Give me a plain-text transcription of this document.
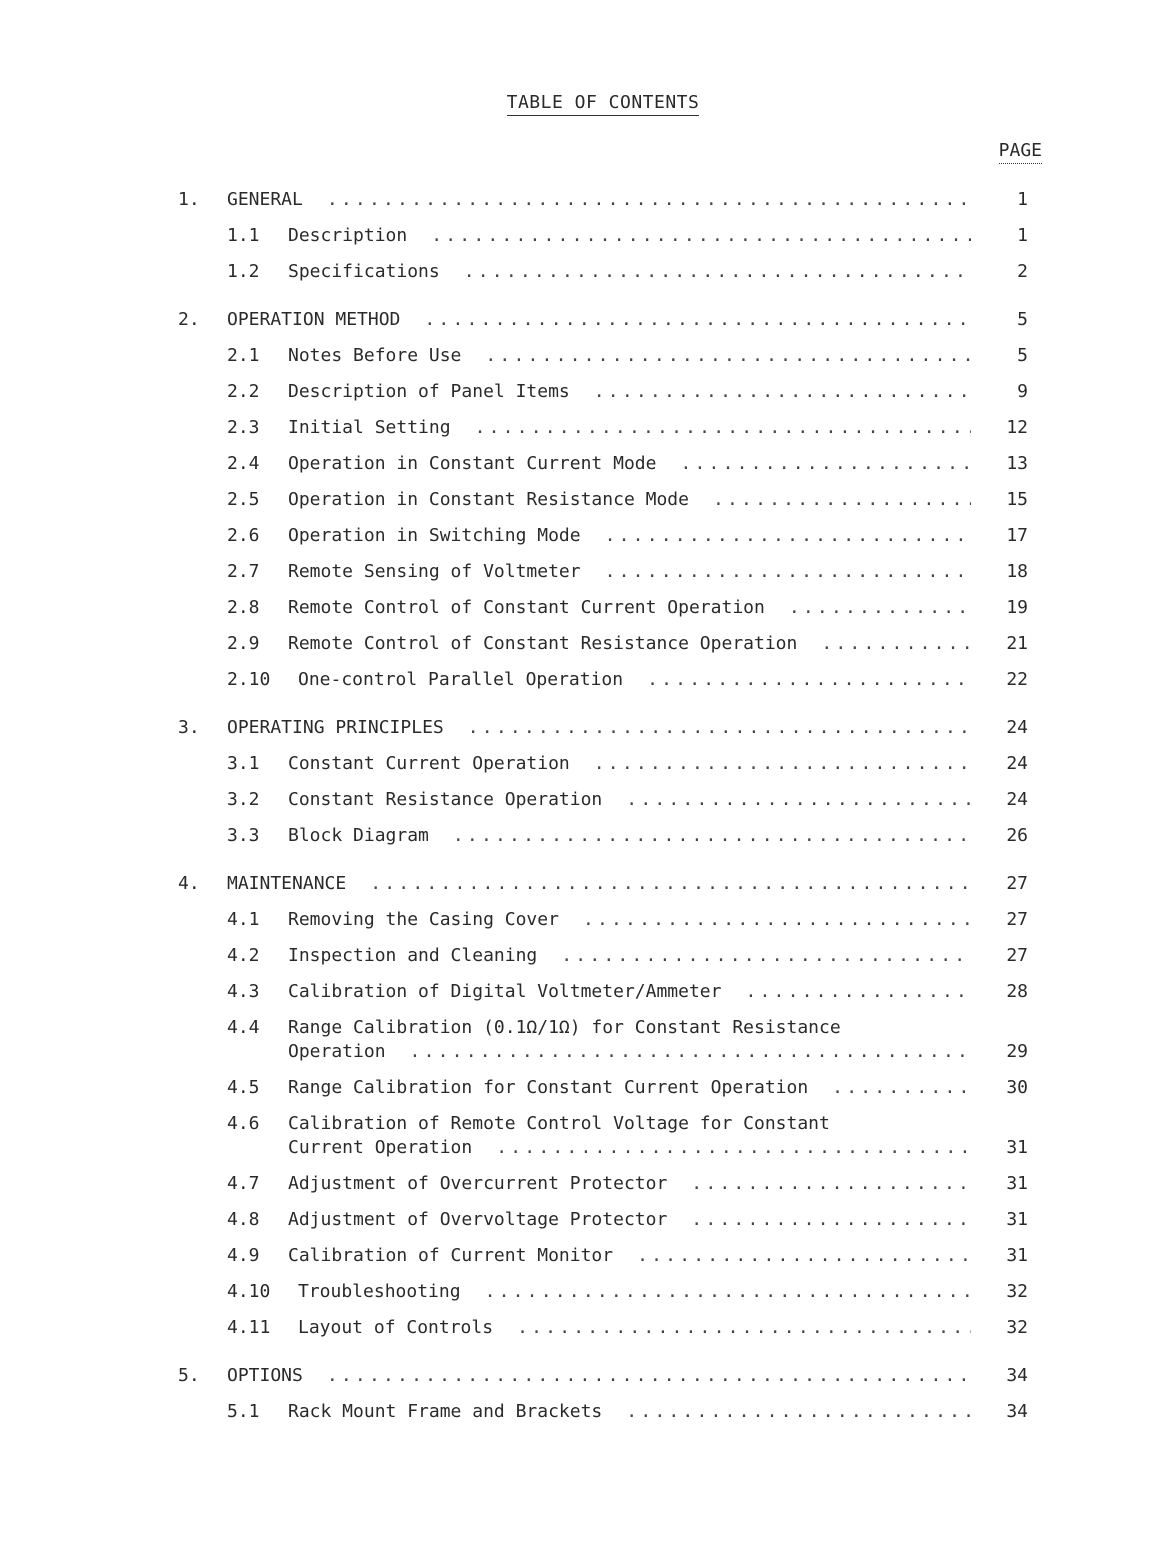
TABLE OF CONTENTS
PAGE
1. GENERAL .....	1
1.1 Description .....	1
1.2 Specifications .....	2
2. OPERATION METHOD .....	5
2.1 Notes Before Use .....	5
2.2 Description of Panel Items .....	9
2.3 Initial Setting .....	12
2.4 Operation in Constant Current Mode .....	13
2.5 Operation in Constant Resistance Mode .....	15
2.6 Operation in Switching Mode .....	17
2.7 Remote Sensing of Voltmeter .....	18
2.8 Remote Control of Constant Current Operation .....	19
2.9 Remote Control of Constant Resistance Operation .....	21
2.10 One-control Parallel Operation .....	22
3. OPERATING PRINCIPLES .....	24
3.1 Constant Current Operation .....	24
3.2 Constant Resistance Operation .....	24
3.3 Block Diagram .....	26
4. MAINTENANCE .....	27
4.1 Removing the Casing Cover .....	27
4.2 Inspection and Cleaning .....	27
4.3 Calibration of Digital Voltmeter/Ammeter .....	28
4.4 Range Calibration (0.1Ω/1Ω) for Constant Resistance
Operation .....	29
4.5 Range Calibration for Constant Current Operation .....	30
4.6 Calibration of Remote Control Voltage for Constant
Current Operation .....	31
4.7 Adjustment of Overcurrent Protector .....	31
4.8 Adjustment of Overvoltage Protector .....	31
4.9 Calibration of Current Monitor .....	31
4.10 Troubleshooting .....	32
4.11 Layout of Controls .....	32
5. OPTIONS .....	34
5.1 Rack Mount Frame and Brackets .....	34
